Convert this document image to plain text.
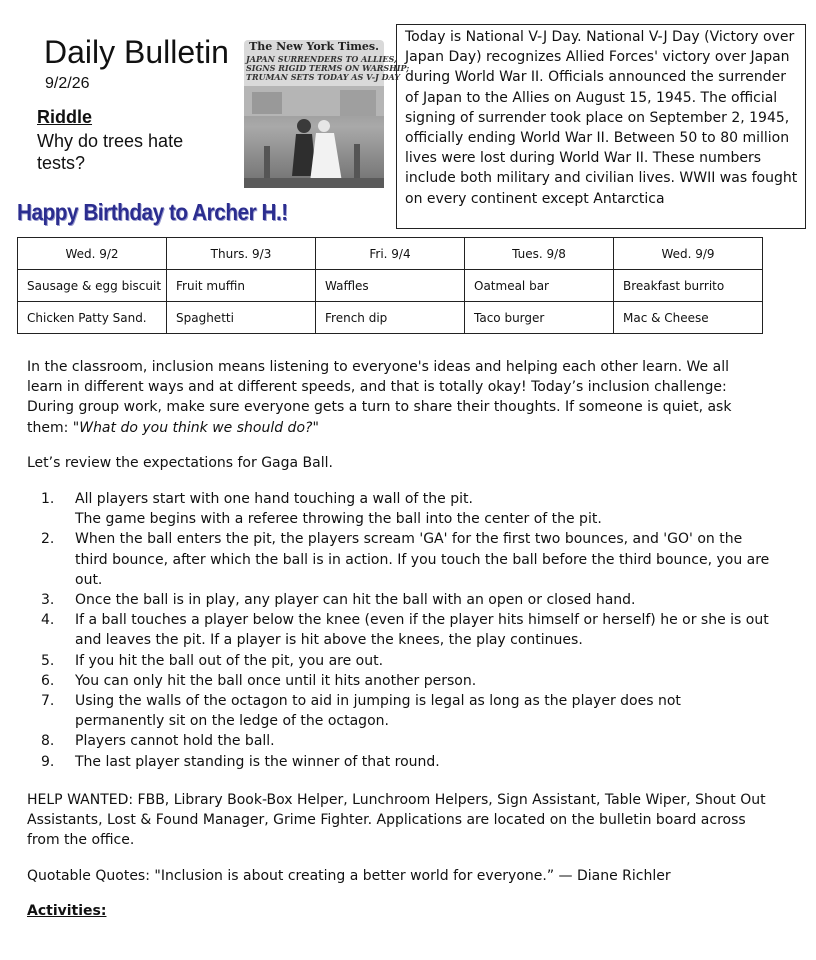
Daily Bulletin
9/2/26
Riddle
Why do trees hate tests?
The New York Times.
JAPAN SURRENDERS TO ALLIES,
SIGNS RIGID TERMS ON WARSHIP;
TRUMAN SETS TODAY AS V-J DAY
Today is National V-J Day. National V-J Day (Victory over Japan Day) recognizes Allied Forces' victory over Japan during World War II. Officials announced the surrender of Japan to the Allies on August 15, 1945. The official signing of surrender took place on September 2, 1945, officially ending World War II. Between 50 to 80 million lives were lost during World War II. These numbers include both military and civilian lives. WWII was fought on every continent except Antarctica
Happy Birthday to Archer H.!
Wed. 9/2	Thurs. 9/3	Fri. 9/4	Tues. 9/8	Wed. 9/9
Sausage & egg biscuit	Fruit muffin	Waffles	Oatmeal bar	Breakfast burrito
Chicken Patty Sand.	Spaghetti	French dip	Taco burger	Mac & Cheese
In the classroom, inclusion means listening to everyone's ideas and helping each other learn. We all learn in different ways and at different speeds, and that is totally okay! Today’s inclusion challenge: During group work, make sure everyone gets a turn to share their thoughts. If someone is quiet, ask them: "What do you think we should do?"
Let’s review the expectations for Gaga Ball.
1. All players start with one hand touching a wall of the pit.
The game begins with a referee throwing the ball into the center of the pit.
2. When the ball enters the pit, the players scream 'GA' for the first two bounces, and 'GO' on the third bounce, after which the ball is in action. If you touch the ball before the third bounce, you are out.
3. Once the ball is in play, any player can hit the ball with an open or closed hand.
4. If a ball touches a player below the knee (even if the player hits himself or herself) he or she is out and leaves the pit. If a player is hit above the knees, the play continues.
5. If you hit the ball out of the pit, you are out.
6. You can only hit the ball once until it hits another person.
7. Using the walls of the octagon to aid in jumping is legal as long as the player does not permanently sit on the ledge of the octagon.
8. Players cannot hold the ball.
9. The last player standing is the winner of that round.
HELP WANTED: FBB, Library Book-Box Helper, Lunchroom Helpers, Sign Assistant, Table Wiper, Shout Out Assistants, Lost & Found Manager, Grime Fighter. Applications are located on the bulletin board across from the office.
Quotable Quotes: "Inclusion is about creating a better world for everyone.” — Diane Richler
Activities:
